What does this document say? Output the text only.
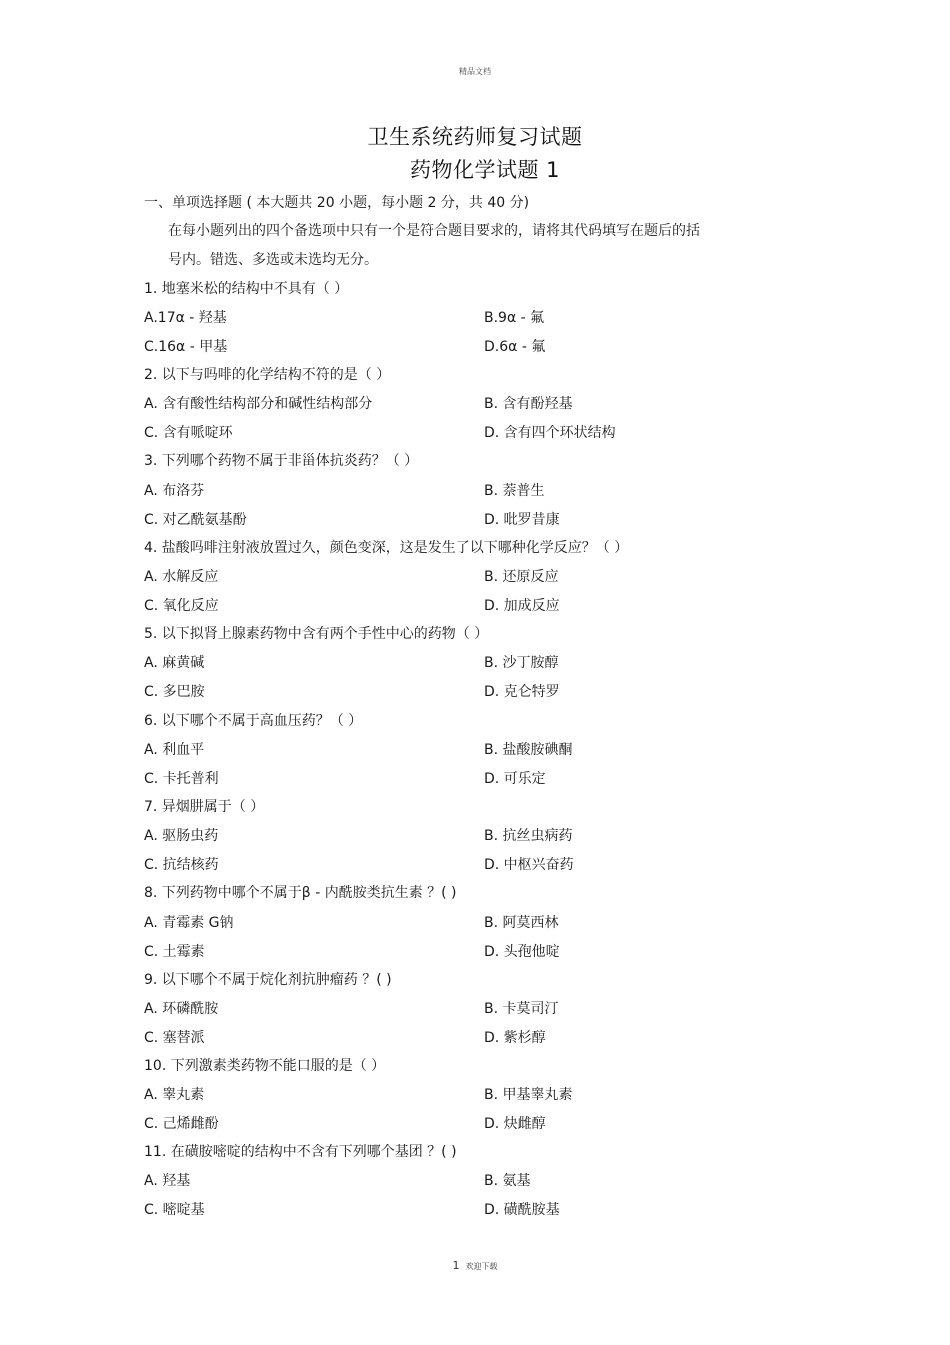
精品文档
卫生系统药师复习试题
药物化学试题 1
一、单项选择题 ( 本大题共 20 小题，每小题 2 分，共 40 分)
在每小题列出的四个备选项中只有一个是符合题目要求的，请将其代码填写在题后的括
号内。错选、多选或未选均无分。
1. 地塞米松的结构中不具有（ ）
A.17α - 羟基	B.9α - 氟
C.16α - 甲基	D.6α - 氟
2. 以下与吗啡的化学结构不符的是（ ）
A. 含有酸性结构部分和碱性结构部分	B. 含有酚羟基
C. 含有哌啶环	D. 含有四个环状结构
3. 下列哪个药物不属于非甾体抗炎药？（ ）
A. 布洛芬	B. 萘普生
C. 对乙酰氨基酚	D. 吡罗昔康
4. 盐酸吗啡注射液放置过久，颜色变深，这是发生了以下哪种化学反应？（ ）
A. 水解反应	B. 还原反应
C. 氧化反应	D. 加成反应
5. 以下拟肾上腺素药物中含有两个手性中心的药物（ ）
A. 麻黄碱	B. 沙丁胺醇
C. 多巴胺	D. 克仑特罗
6. 以下哪个不属于高血压药？（ ）
A. 利血平	B. 盐酸胺碘酮
C. 卡托普利	D. 可乐定
7. 异烟肼属于（ ）
A. 驱肠虫药	B. 抗丝虫病药
C. 抗结核药	D. 中枢兴奋药
8. 下列药物中哪个不属于β - 内酰胺类抗生素 ？( )
A. 青霉素 G钠	B. 阿莫西林
C. 土霉素	D. 头孢他啶
9. 以下哪个不属于烷化剂抗肿瘤药 ？( )
A. 环磷酰胺	B. 卡莫司汀
C. 塞替派	D. 紫杉醇
10. 下列激素类药物不能口服的是（ ）
A. 睾丸素	B. 甲基睾丸素
C. 己烯雌酚	D. 炔雌醇
11. 在磺胺嘧啶的结构中不含有下列哪个基团 ？( )
A. 羟基	B. 氨基
C. 嘧啶基	D. 磺酰胺基
1 欢迎下载
